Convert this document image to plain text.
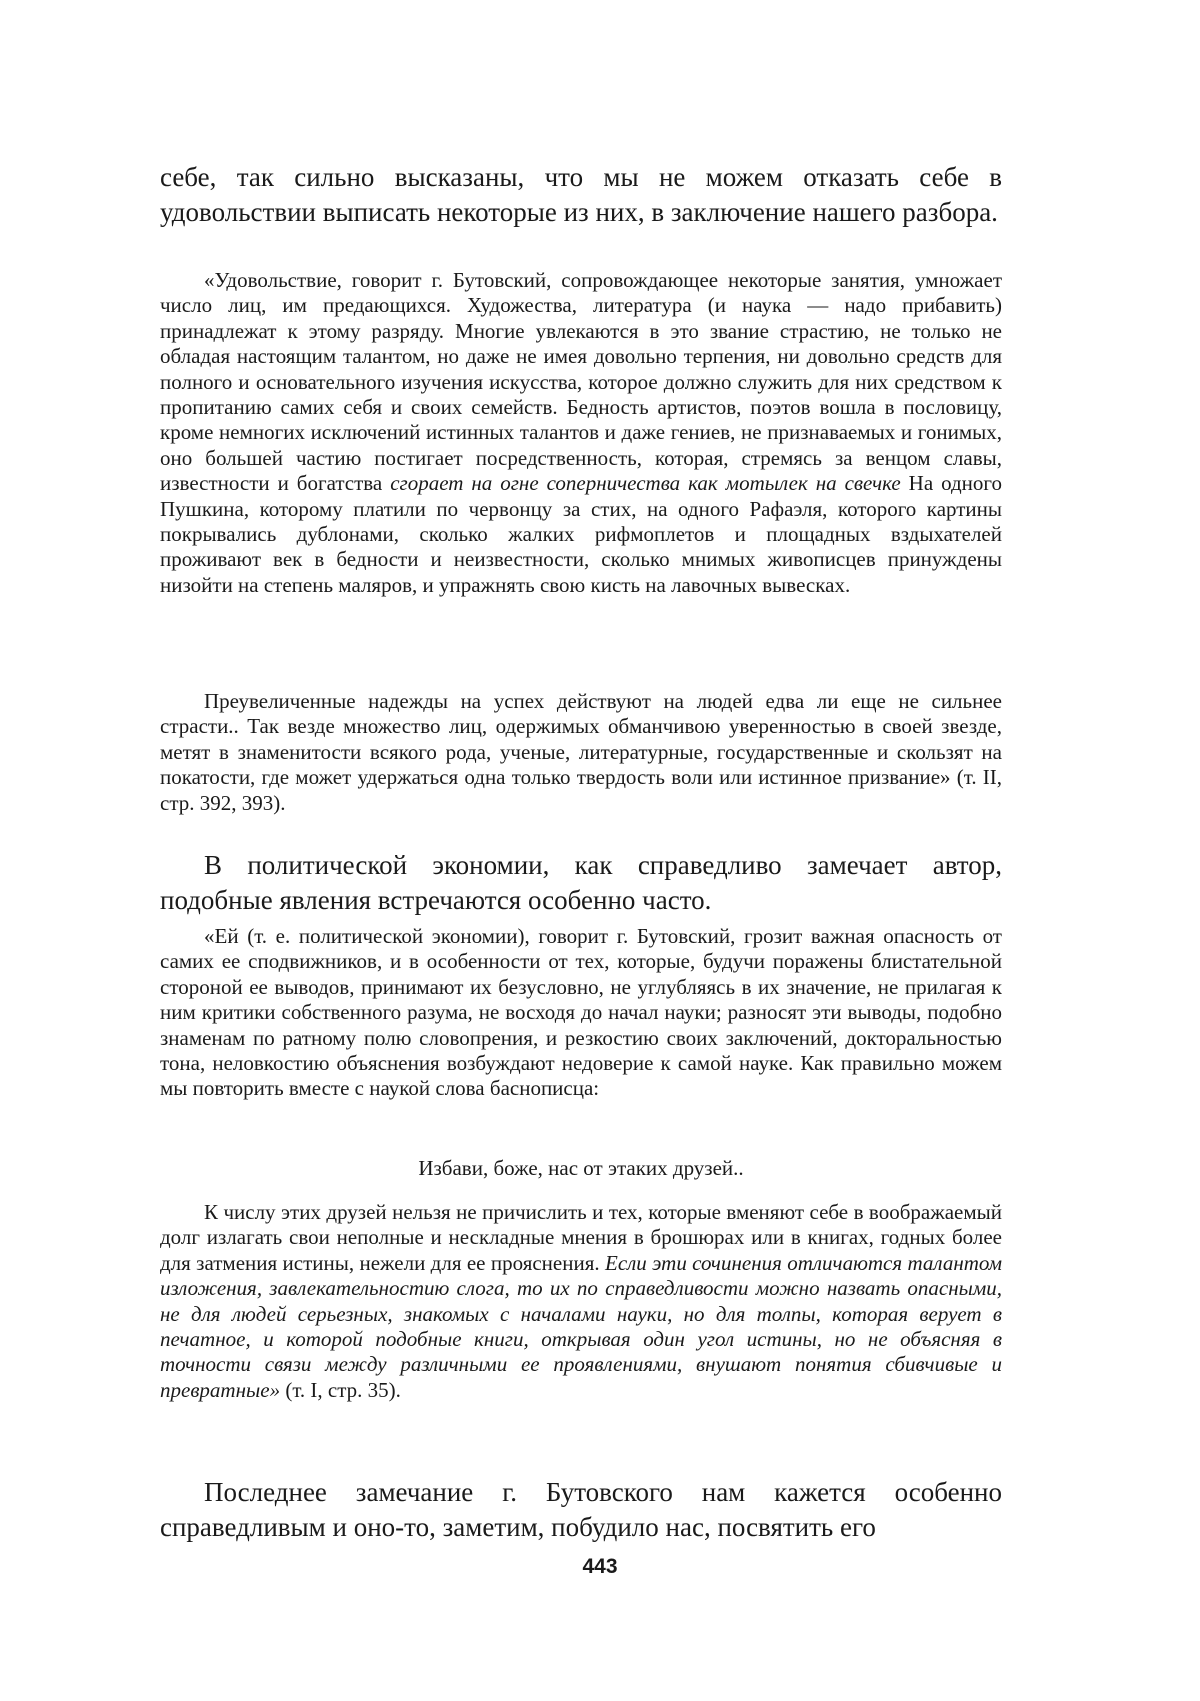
себе, так сильно высказаны, что мы не можем отказать себе в удовольствии выписать некоторые из них, в заключение нашего разбора.

«Удовольствие, говорит г. Бутовский, сопровождающее некоторые занятия, умножает число лиц, им предающихся. Художества, литература (и наука — надо прибавить) принадлежат к этому разряду. Многие увлекаются в это звание страстию, не только не обладая настоящим талантом, но даже не имея довольно терпения, ни довольно средств для полного и основательного изучения искусства, которое должно служить для них средством к пропитанию самих себя и своих семейств. Бедность артистов, поэтов вошла в пословицу, кроме немногих исключений истинных талантов и даже гениев, не признаваемых и гонимых, оно большей частию постигает посредственность, которая, стремясь за венцом славы, известности и богатства сгорает на огне соперничества как мотылек на свечке На одного Пушкина, которому платили по червонцу за стих, на одного Рафаэля, которого картины покрывались дублонами, сколько жалких рифмоплетов и площадных вздыхателей проживают век в бедности и неизвестности, сколько мнимых живописцев принуждены низойти на степень маляров, и упражнять свою кисть на лавочных вывесках.

Преувеличенные надежды на успех действуют на людей едва ли еще не сильнее страсти.. Так везде множество лиц, одержимых обманчивою уверенностью в своей звезде, метят в знаменитости всякого рода, ученые, литературные, государственные и скользят на покатости, где может удержаться одна только твердость воли или истинное призвание» (т. II, стр. 392, 393).

В политической экономии, как справедливо замечает автор, подобные явления встречаются особенно часто.

«Ей (т. е. политической экономии), говорит г. Бутовский, грозит важная опасность от самих ее сподвижников, и в особенности от тех, которые, будучи поражены блистательной стороной ее выводов, принимают их безусловно, не углубляясь в их значение, не прилагая к ним критики собственного разума, не восходя до начал науки; разносят эти выводы, подобно знаменам по ратному полю словопрения, и резкостию своих заключений, докторальностью тона, неловкостию объяснения возбуждают недоверие к самой науке. Как правильно можем мы повторить вместе с наукой слова баснописца:

Избави, боже, нас от этаких друзей..

К числу этих друзей нельзя не причислить и тех, которые вменяют себе в воображаемый долг излагать свои неполные и нескладные мнения в брошюрах или в книгах, годных более для затмения истины, нежели для ее прояснения. Если эти сочинения отличаются талантом изложения, завлекательностию слога, то их по справедливости можно назвать опасными, не для людей серьезных, знакомых с началами науки, но для толпы, которая верует в печатное, и которой подобные книги, открывая один угол истины, но не объясняя в точности связи между различными ее проявлениями, внушают понятия сбивчивые и превратные» (т. I, стр. 35).

Последнее замечание г. Бутовского нам кажется особенно справедливым и оно-то, заметим, побудило нас, посвятить его

443
